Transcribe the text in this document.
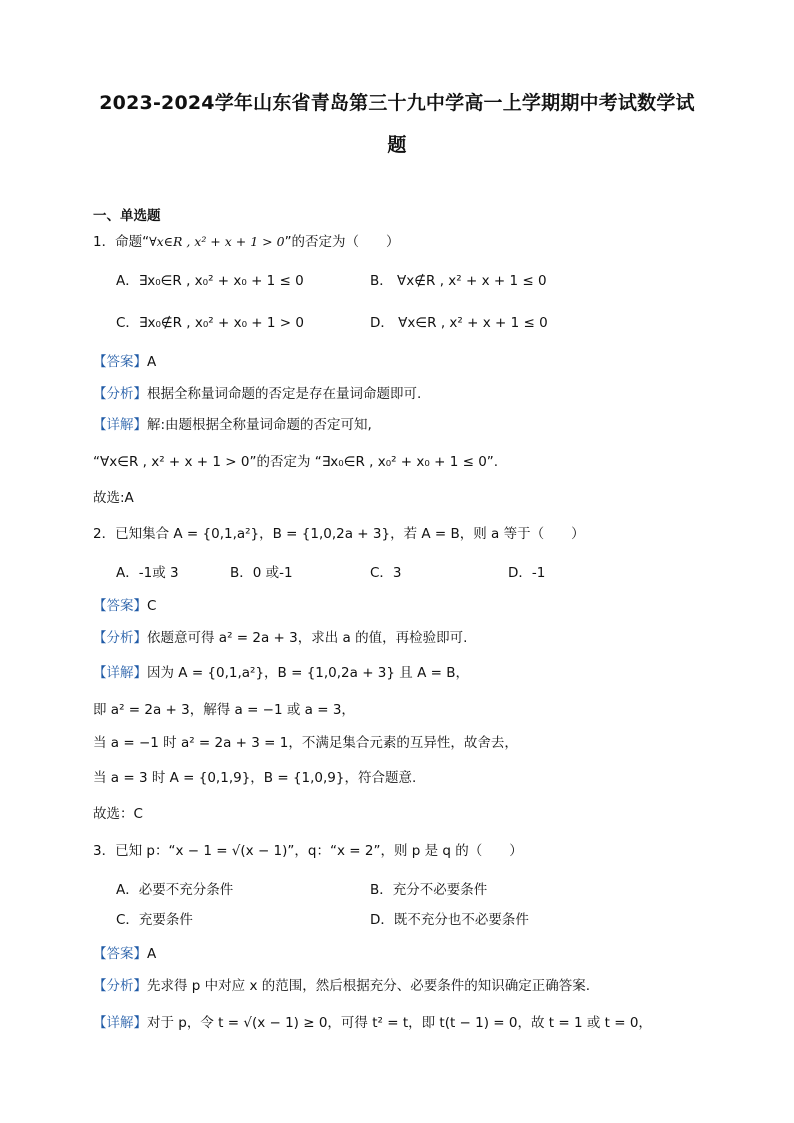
2023-2024学年山东省青岛第三十九中学高一上学期期中考试数学试
题
一、单选题
1．命题“∀x∈R , x² + x + 1 > 0”的否定为（　　）
A．∃x₀∈R , x₀² + x₀ + 1 ≤ 0	B． ∀x∉R , x² + x + 1 ≤ 0
C．∃x₀∉R , x₀² + x₀ + 1 > 0	D． ∀x∈R , x² + x + 1 ≤ 0
【答案】A
【分析】根据全称量词命题的否定是存在量词命题即可.
【详解】解:由题根据全称量词命题的否定可知,
“∀x∈R , x² + x + 1 > 0”的否定为 “∃x₀∈R , x₀² + x₀ + 1 ≤ 0”.
故选:A
2．已知集合 A = {0,1,a²}，B = {1,0,2a + 3}，若 A = B，则 a 等于（　　）
A．-1或 3	B．0 或-1	C．3	D．-1
【答案】C
【分析】依题意可得 a² = 2a + 3，求出 a 的值，再检验即可.
【详解】因为 A = {0,1,a²}，B = {1,0,2a + 3} 且 A = B，
即 a² = 2a + 3，解得 a = −1 或 a = 3，
当 a = −1 时 a² = 2a + 3 = 1，不满足集合元素的互异性，故舍去，
当 a = 3 时 A = {0,1,9}，B = {1,0,9}，符合题意.
故选：C
3．已知 p：“x − 1 = √(x − 1)”，q：“x = 2”，则 p 是 q 的（　　）
A．必要不充分条件	B．充分不必要条件
C．充要条件	D．既不充分也不必要条件
【答案】A
【分析】先求得 p 中对应 x 的范围，然后根据充分、必要条件的知识确定正确答案.
【详解】对于 p，令 t = √(x − 1) ≥ 0，可得 t² = t，即 t(t − 1) = 0，故 t = 1 或 t = 0，
